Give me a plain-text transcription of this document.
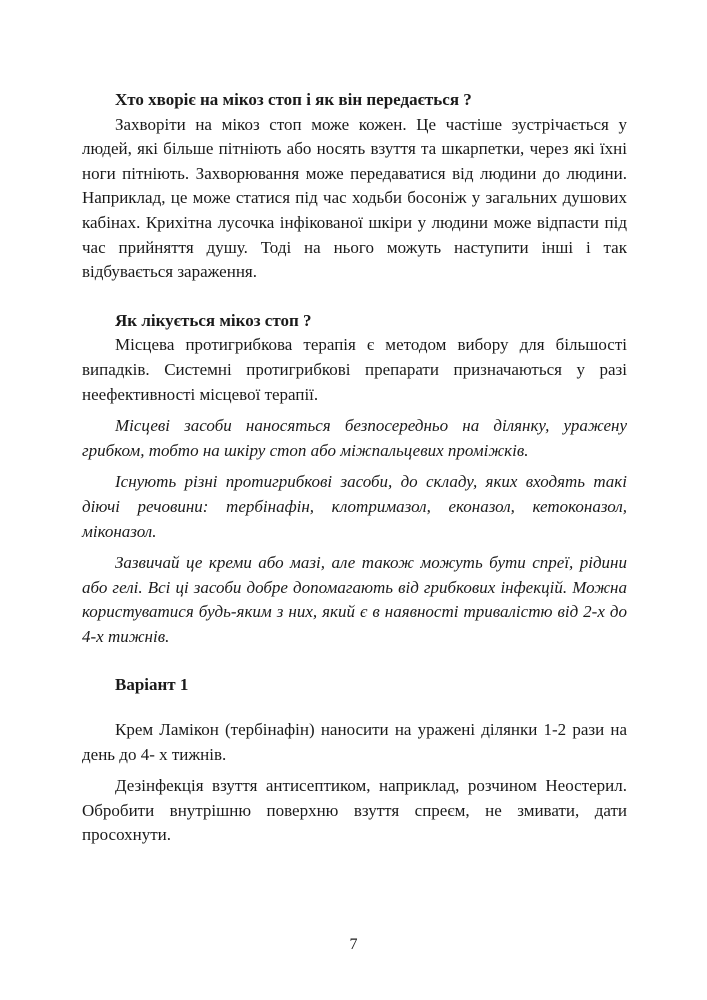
Хто хворіє на мікоз стоп і як він передається ?

Захворіти на мікоз стоп може кожен. Це частіше зустрічається у людей, які більше пітніють або носять взуття та шкарпетки, через які їхні ноги пітніють. Захворювання може передаватися від людини до людини. Наприклад, це може статися під час ходьби босоніж у загальних душових кабінах. Крихітна лусочка інфікованої шкіри у людини може відпасти під час прийняття душу. Тоді на нього можуть наступити інші і так відбувається зараження.

Як лікується мікоз стоп ?

Місцева протигрибкова терапія є методом вибору для більшості випадків. Системні протигрибкові препарати призначаються у разі неефективності місцевої терапії.

Місцеві засоби наносяться безпосередньо на ділянку, уражену грибком, тобто на шкіру стоп або міжпальцевих проміжків.

Існують різні протигрибкові засоби, до складу, яких входять такі діючі речовини: тербінафін, клотримазол, еконазол, кетоконазол, міконазол.

Зазвичай це креми або мазі, але також можуть бути спреї, рідини або гелі. Всі ці засоби добре допомагають від грибкових інфекцій. Можна користуватися будь-яким з них, який є в наявності тривалістю від 2-х до 4-х тижнів.

Варіант 1

Крем Ламікон (тербінафін) наносити на уражені ділянки 1-2 рази на день до 4- х тижнів.

Дезінфекція взуття антисептиком, наприклад, розчином Неостерил. Обробити внутрішню поверхню взуття спреєм, не змивати, дати просохнути.

7
